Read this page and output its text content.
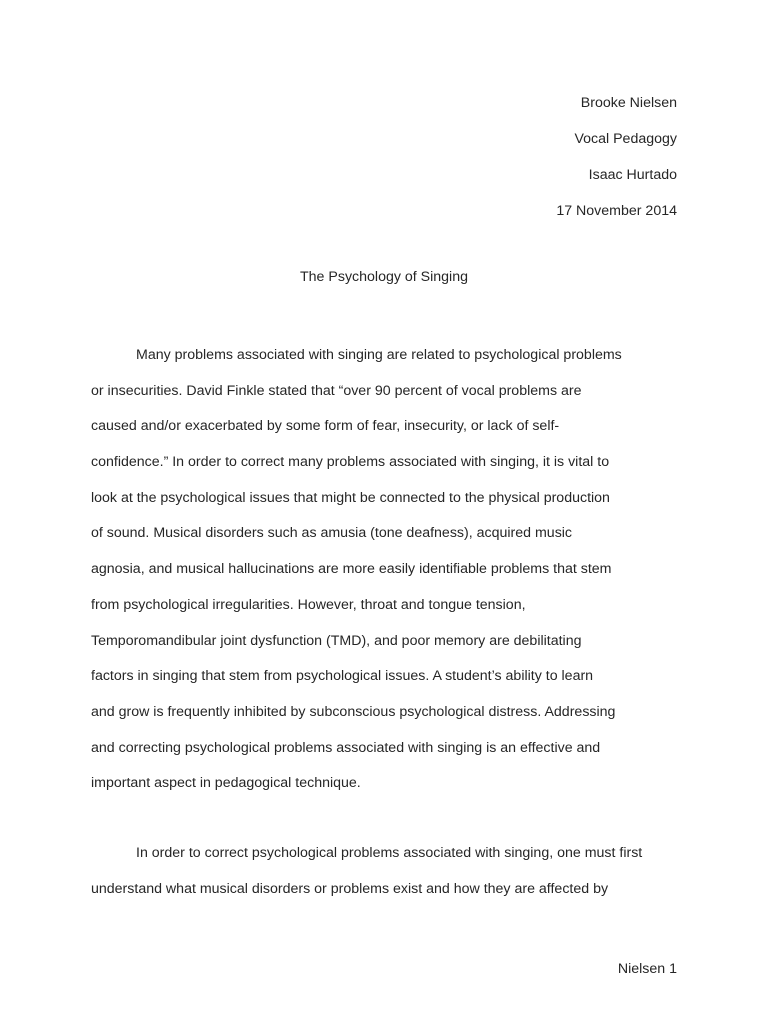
Brooke Nielsen
Vocal Pedagogy
Isaac Hurtado
17 November 2014
The Psychology of Singing
Many problems associated with singing are related to psychological problems
or insecurities. David Finkle stated that “over 90 percent of vocal problems are
caused and/or exacerbated by some form of fear, insecurity, or lack of self-
confidence.” In order to correct many problems associated with singing, it is vital to
look at the psychological issues that might be connected to the physical production
of sound. Musical disorders such as amusia (tone deafness), acquired music
agnosia, and musical hallucinations are more easily identifiable problems that stem
from psychological irregularities. However, throat and tongue tension,
Temporomandibular joint dysfunction (TMD), and poor memory are debilitating
factors in singing that stem from psychological issues. A student’s ability to learn
and grow is frequently inhibited by subconscious psychological distress. Addressing
and correcting psychological problems associated with singing is an effective and
important aspect in pedagogical technique.
In order to correct psychological problems associated with singing, one must first
understand what musical disorders or problems exist and how they are affected by
Nielsen 1
